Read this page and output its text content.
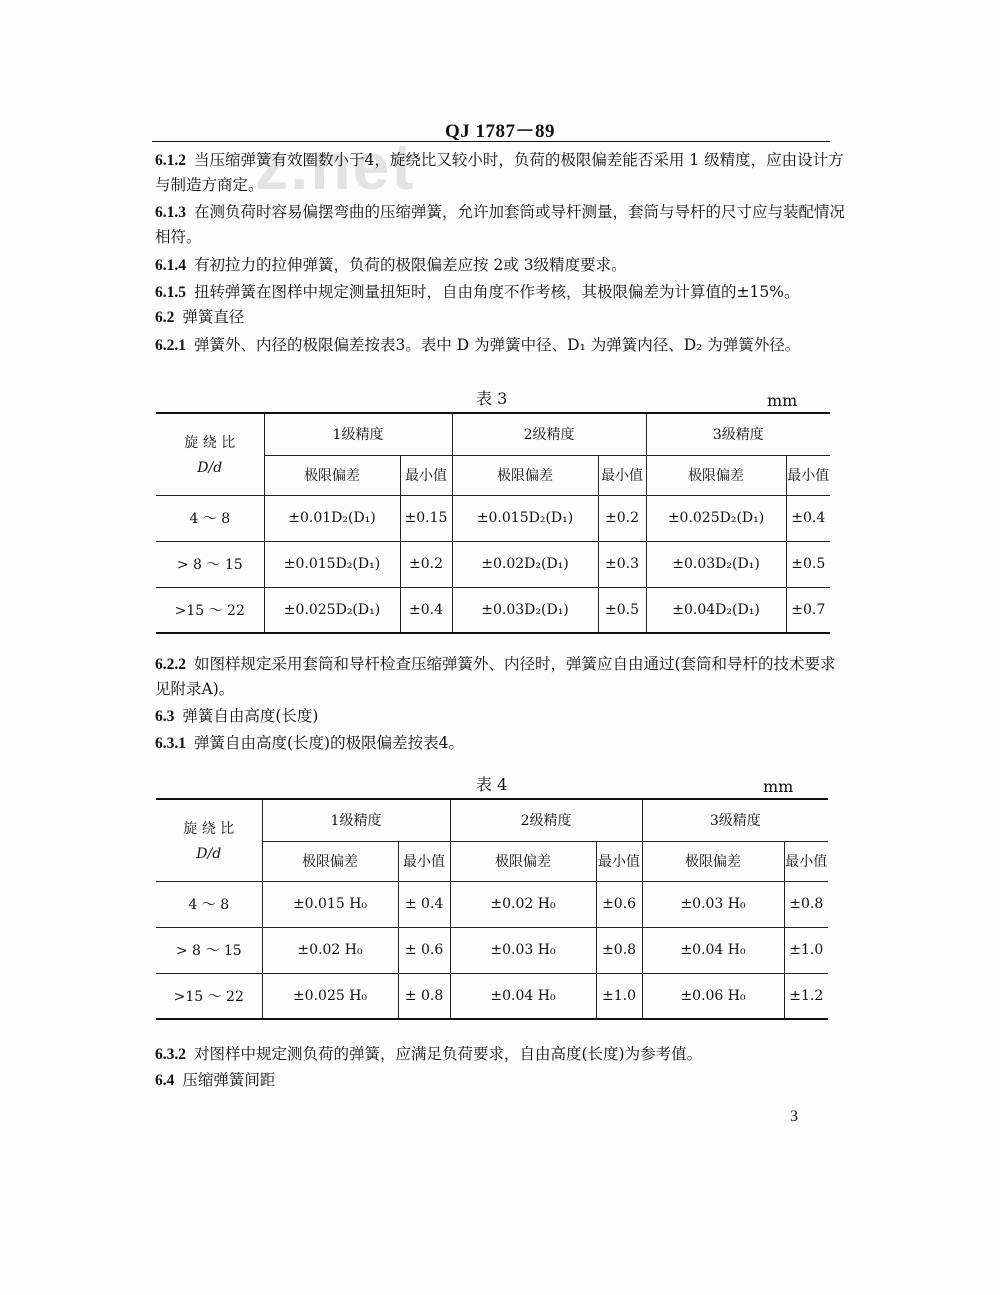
z.net	QJ 1787－89
6.1.2 当压缩弹簧有效圈数小于4，旋绕比又较小时，负荷的极限偏差能否采用 1 级精度，应由设计方与制造方商定。
6.1.3 在测负荷时容易偏摆弯曲的压缩弹簧，允许加套筒或导杆测量，套筒与导杆的尺寸应与装配情况相符。
6.1.4 有初拉力的拉伸弹簧，负荷的极限偏差应按 2或 3级精度要求。
6.1.5 扭转弹簧在图样中规定测量扭矩时，自由角度不作考核，其极限偏差为计算值的±15%。
6.2 弹簧直径
6.2.1 弹簧外、内径的极限偏差按表3。表中 D 为弹簧中径、D₁ 为弹簧内径、D₂ 为弹簧外径。
表 3	mm
旋 绕 比
D/d	1级精度		2级精度		3级精度	
	极限偏差	最小值	极限偏差	最小值	极限偏差	最小值
4 ～ 8	±0.01D₂(D₁)	±0.15	±0.015D₂(D₁)	±0.2	±0.025D₂(D₁)	±0.4
> 8 ～ 15	±0.015D₂(D₁)	±0.2	±0.02D₂(D₁)	±0.3	±0.03D₂(D₁)	±0.5
>15 ～ 22	±0.025D₂(D₁)	±0.4	±0.03D₂(D₁)	±0.5	±0.04D₂(D₁)	±0.7
6.2.2 如图样规定采用套筒和导杆检查压缩弹簧外、内径时，弹簧应自由通过(套筒和导杆的技术要求见附录A)。
6.3 弹簧自由高度(长度)
6.3.1 弹簧自由高度(长度)的极限偏差按表4。
表 4	mm
旋 绕 比
D/d	1级精度		2级精度		3级精度	
	极限偏差	最小值	极限偏差	最小值	极限偏差	最小值
4 ～ 8	±0.015 H₀	± 0.4	±0.02 H₀	±0.6	±0.03 H₀	±0.8
> 8 ～ 15	±0.02 H₀	± 0.6	±0.03 H₀	±0.8	±0.04 H₀	±1.0
>15 ～ 22	±0.025 H₀	± 0.8	±0.04 H₀	±1.0	±0.06 H₀	±1.2
6.3.2 对图样中规定测负荷的弹簧，应满足负荷要求，自由高度(长度)为参考值。
6.4 压缩弹簧间距
3
